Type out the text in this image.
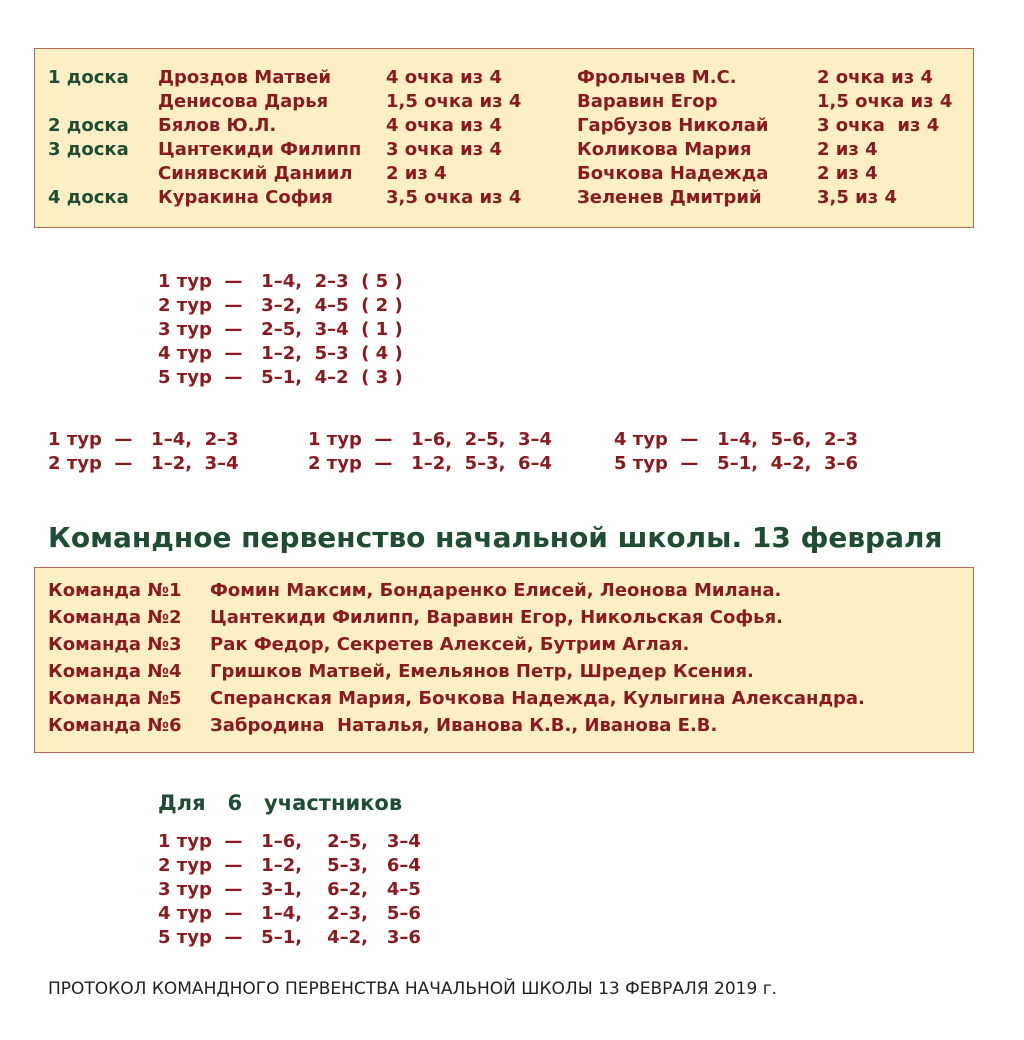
1 доска Дроздов Матвей	4 очка из 4	Фролычев М.С.	2 очка из 4
Денисова Дарья	1,5 очка из 4	Варавин Егор	1,5 очка из 4
2 доска Бялов Ю.Л.	4 очка из 4	Гарбузов Николай	3 очка  из 4
3 доска Цантекиди Филипп 3 очка из 4	Коликова Мария	2 из 4
Синявский Даниил 2 из 4	Бочкова Надежда	2 из 4
4 доска Куракина София	3,5 очка из 4	Зеленев Дмитрий	3,5 из 4
1 тур  —   1–4,  2–3  ( 5 )
2 тур  —   3–2,  4–5  ( 2 )
3 тур  —   2–5,  3–4  ( 1 )
4 тур  —   1–2,  5–3  ( 4 )
5 тур  —   5–1,  4–2  ( 3 )
1 тур  —   1–4,  2–3
2 тур  —   1–2,  3–4
1 тур  —   1–6,  2–5,  3–4
2 тур  —   1–2,  5–3,  6–4
4 тур  —   1–4,  5–6,  2–3
5 тур  —   5–1,  4–2,  3–6
Командное первенство начальной школы. 13 февраля
Команда №1 Фомин Максим, Бондаренко Елисей, Леонова Милана.
Команда №2 Цантекиди Филипп, Варавин Егор, Никольская Софья.
Команда №3 Рак Федор, Секретев Алексей, Бутрим Аглая.
Команда №4 Гришков Матвей, Емельянов Петр, Шредер Ксения.
Команда №5 Сперанская Мария, Бочкова Надежда, Кулыгина Александра.
Команда №6 Забродина  Наталья, Иванова К.В., Иванова Е.В.
Для   6   участников
1 тур  —   1–6,    2–5,   3–4
2 тур  —   1–2,    5–3,   6–4
3 тур  —   3–1,    6–2,   4–5
4 тур  —   1–4,    2–3,   5–6
5 тур  —   5–1,    4–2,   3–6
ПРОТОКОЛ КОМАНДНОГО ПЕРВЕНСТВА НАЧАЛЬНОЙ ШКОЛЫ 13 ФЕВРАЛЯ 2019 г.
